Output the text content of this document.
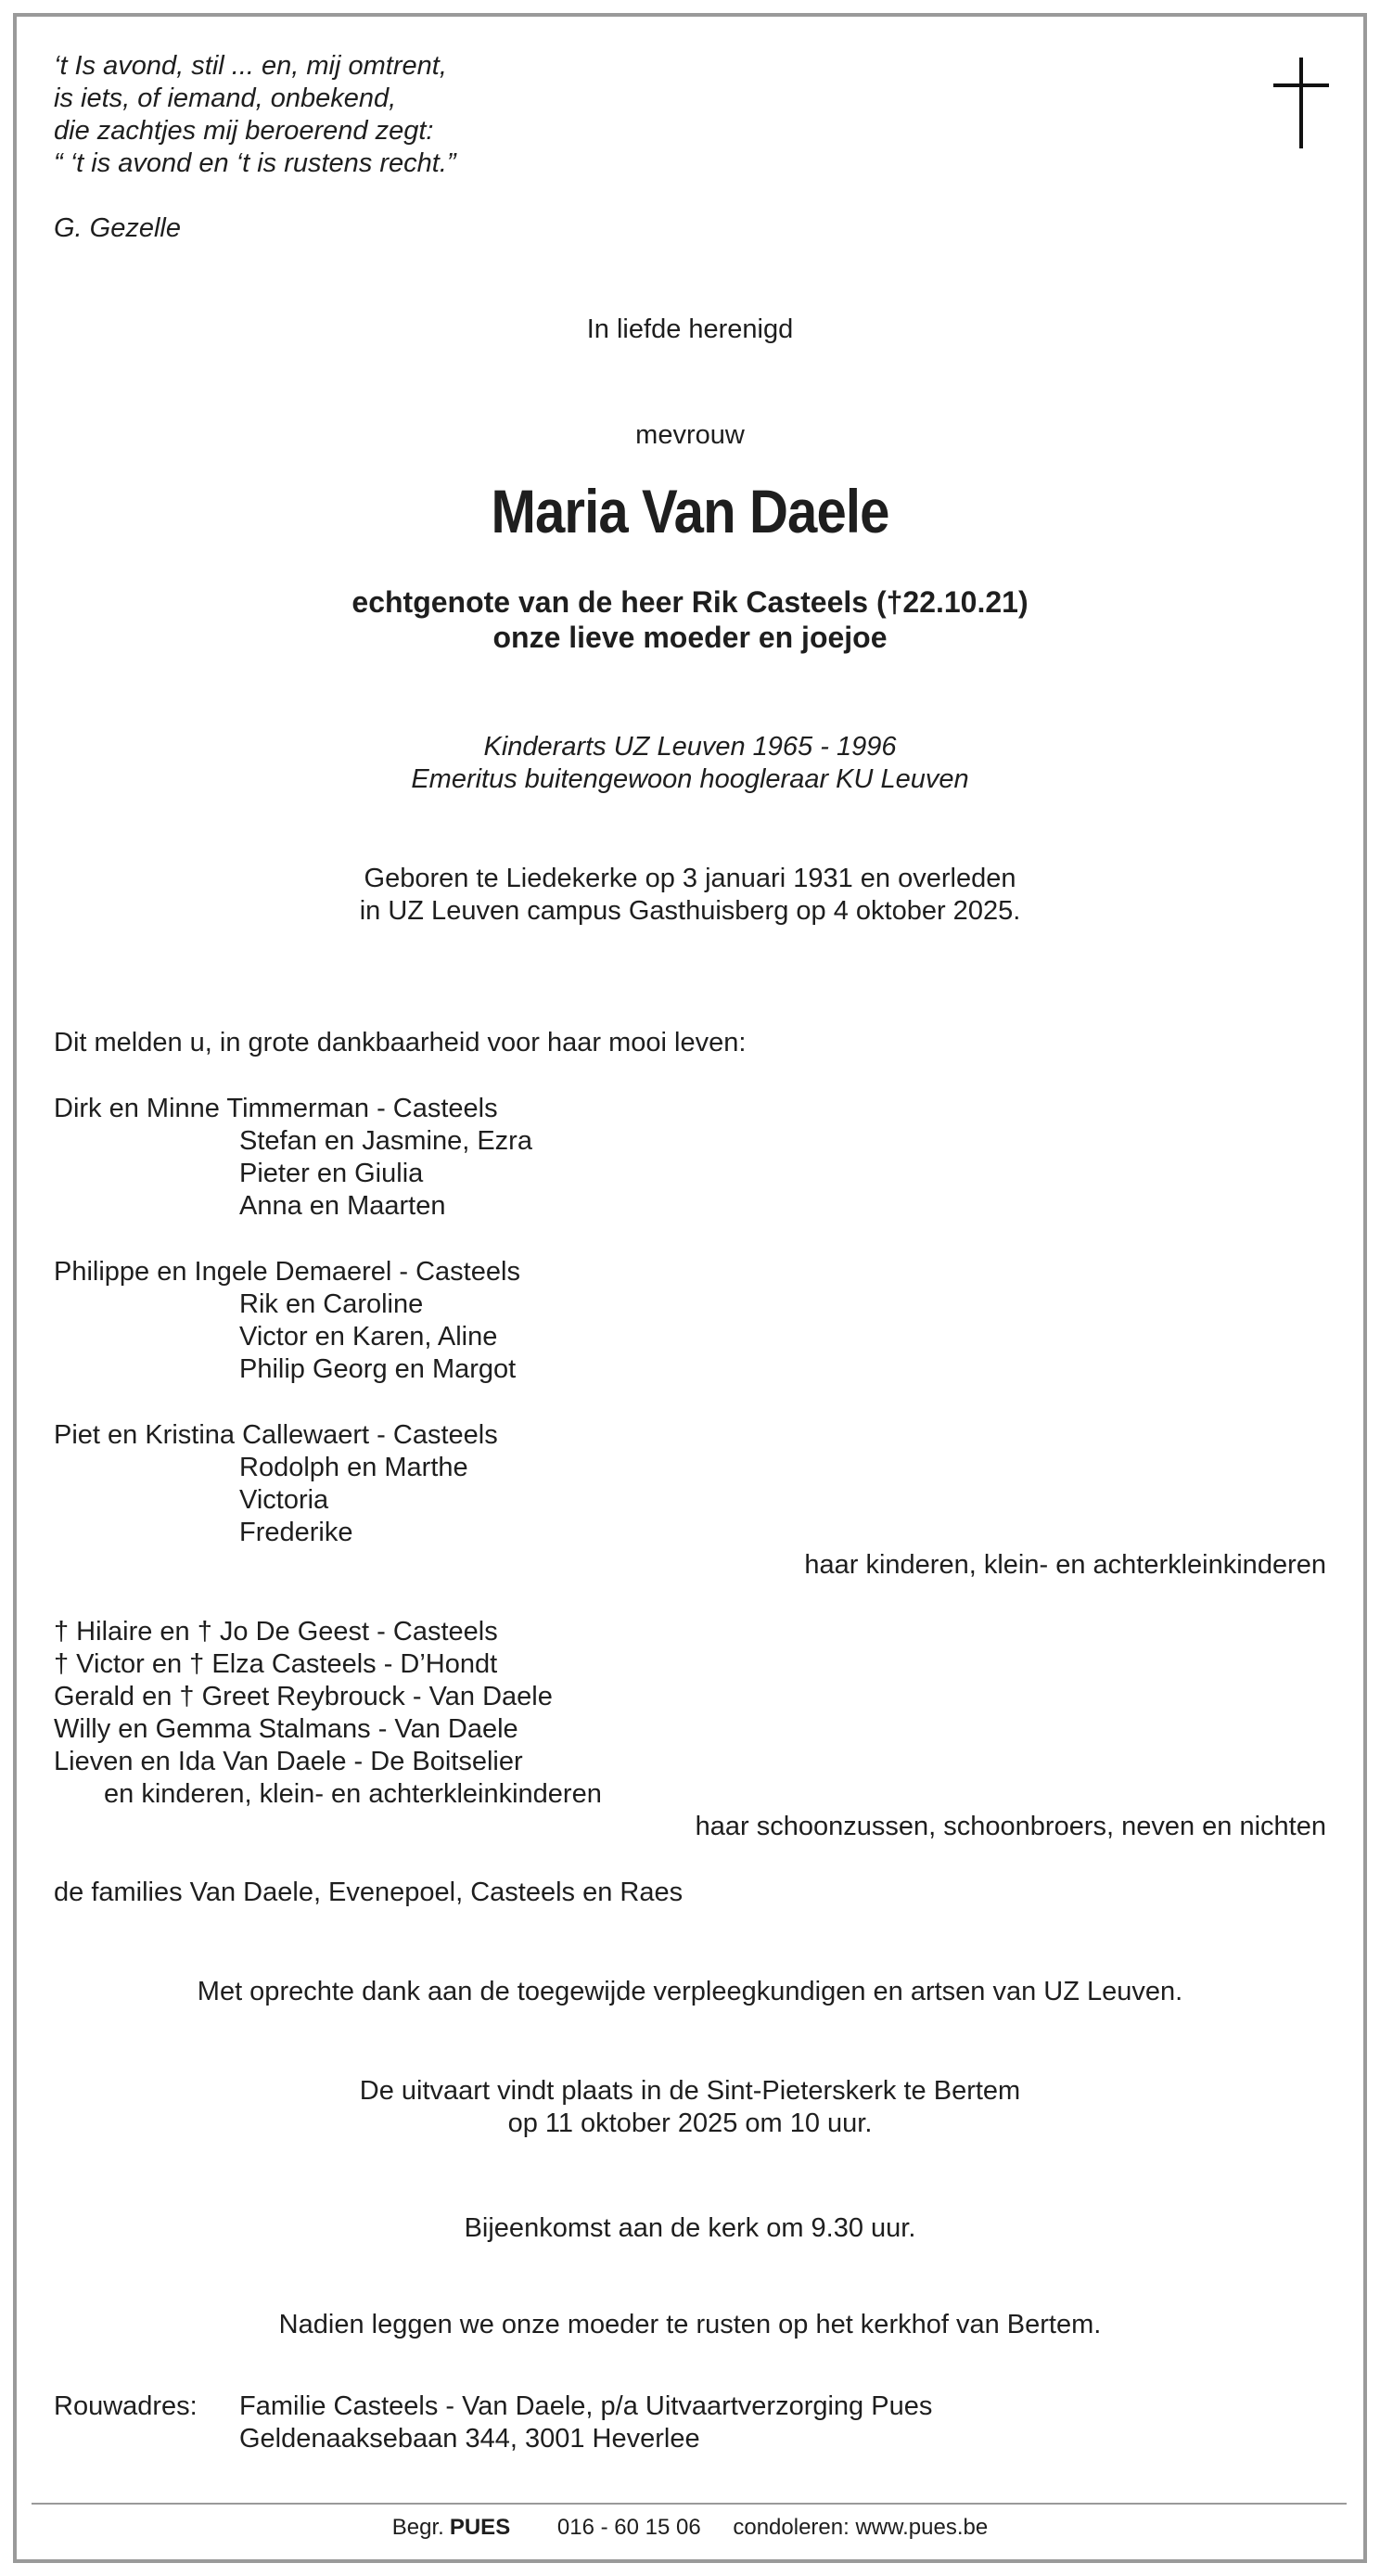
‘t Is avond, stil ... en, mij omtrent,
is iets, of iemand, onbekend,
die zachtjes mij beroerend zegt:
“ ‘t is avond en ‘t is rustens recht.”
G. Gezelle
In liefde herenigd
mevrouw
Maria Van Daele
echtgenote van de heer Rik Casteels (†22.10.21)
onze lieve moeder en joejoe
Kinderarts UZ Leuven 1965 - 1996
Emeritus buitengewoon hoogleraar KU Leuven
Geboren te Liedekerke op 3 januari 1931 en overleden
in UZ Leuven campus Gasthuisberg op 4 oktober 2025.
Dit melden u, in grote dankbaarheid voor haar mooi leven:
Dirk en Minne Timmerman - Casteels
Stefan en Jasmine, Ezra
Pieter en Giulia
Anna en Maarten
Philippe en Ingele Demaerel - Casteels
Rik en Caroline
Victor en Karen, Aline
Philip Georg en Margot
Piet en Kristina Callewaert - Casteels
Rodolph en Marthe
Victoria
Frederike
haar kinderen, klein- en achterkleinkinderen
† Hilaire en † Jo De Geest - Casteels
† Victor en † Elza Casteels - D’Hondt
Gerald en † Greet Reybrouck - Van Daele
Willy en Gemma Stalmans - Van Daele
Lieven en Ida Van Daele - De Boitselier
en kinderen, klein- en achterkleinkinderen
haar schoonzussen, schoonbroers, neven en nichten
de families Van Daele, Evenepoel, Casteels en Raes
Met oprechte dank aan de toegewijde verpleegkundigen en artsen van UZ Leuven.
De uitvaart vindt plaats in de Sint-Pieterskerk te Bertem
op 11 oktober 2025 om 10 uur.
Bijeenkomst aan de kerk om 9.30 uur.
Nadien leggen we onze moeder te rusten op het kerkhof van Bertem.
Rouwadres: Familie Casteels - Van Daele, p/a Uitvaartverzorging Pues
Geldenaaksebaan 344, 3001 Heverlee
Begr. PUES 016 - 60 15 06 condoleren: www.pues.be
